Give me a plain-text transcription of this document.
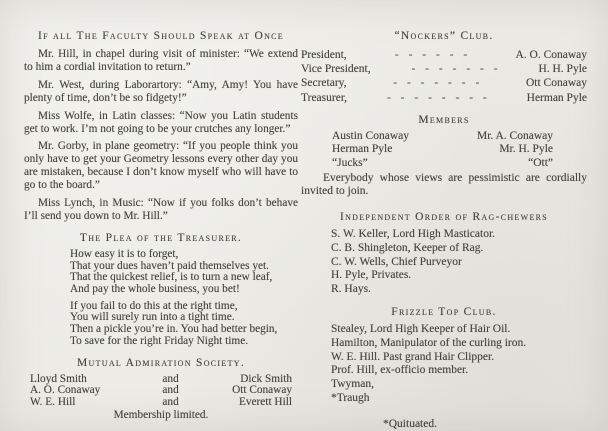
If all The Faculty Should Speak at Once

Mr. Hill, in chapel during visit of minister: “We extend to him a cordial invitation to return.”

Mr. West, during Laborartory: “Amy, Amy! You have plenty of time, don’t be so fidgety!”

Miss Wolfe, in Latin classes: “Now you Latin students get to work. I’m not going to be your crutches any longer.”

Mr. Gorby, in plane geometry: “If you people think you only have to get your Geometry lessons every other day you are mistaken, because I don’t know myself who will have to go to the board.”

Miss Lynch, in Music: “Now if you folks don’t behave I’ll send you down to Mr. Hill.”

The Plea of the Treasurer.
How easy it is to forget,
That your dues haven’t paid themselves yet.
That the quickest relief, is to turn a new leaf,
And pay the whole business, you bet!
If you fail to do this at the right time,
You will surely run into a tight time.
Then a pickle you’re in. You had better begin,
To save for the right Friday Night time.
Mutual Admiration Society.
Lloyd Smith	and	Dick Smith
A. O. Conaway	and	Ott Conaway
W. E. Hill	and	Everett Hill

Membership limited.

“Nockers” Club.
President,	- - - - - -	A. O. Conaway
Vice President,	- - - - - - -	H. H. Pyle
Secretary,	- - - - - - -	Ott Conaway
Treasurer,	- - - - - - - -	Herman Pyle
Members
Austin Conaway	Mr. A. Conaway
Herman Pyle	Mr. H. Pyle
“Jucks”	“Ott”

Everybody whose views are pessimistic are cordially invited to join.

Independent Order of Rag-chewers
S. W. Keller, Lord High Masticator.
C. B. Shingleton, Keeper of Rag.
C. W. Wells, Chief Purveyor
H. Pyle, Privates.
R. Hays.
Frizzle Top Club.
Stealey, Lord High Keeper of Hair Oil.
Hamilton, Manipulator of the curling iron.
W. E. Hill. Past grand Hair Clipper.
Prof. Hill, ex-officio member.
Twyman,
*Traugh
*Quituated.
